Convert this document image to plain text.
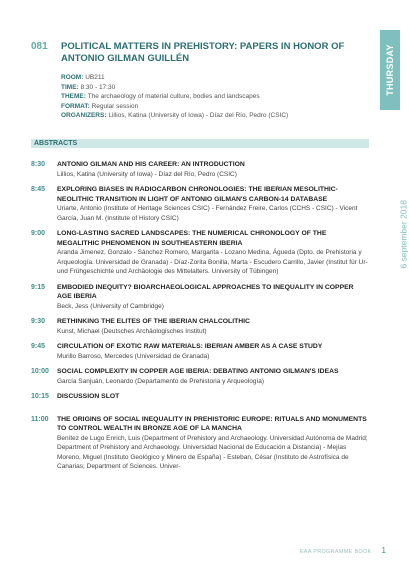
THURSDAY
6 september 2018
081	POLITICAL MATTERS IN PREHISTORY: PAPERS IN HONOR OF ANTONIO GILMAN GUILLÉN
ROOM: UB211
TIME: 8:30 - 17:30
THEME: The archaeology of material culture, bodies and landscapes
FORMAT: Regular session
ORGANIZERS: Lillios, Katina (University of Iowa) - Díaz del Río, Pedro (CSIC)
ABSTRACTS
8:30	ANTONIO GILMAN AND HIS CAREER: AN INTRODUCTION
Lillios, Katina (University of Iowa) - Díaz del Río, Pedro (CSIC)
8:45	EXPLORING BIASES IN RADIOCARBON CHRONOLOGIES: THE IBERIAN MESOLITHIC-NEOLITHIC TRANSITION IN LIGHT OF ANTONIO GILMAN'S CARBON-14 DATABASE
Uriarte, Antonio (Institute of Heritage Sciences CSIC) - Fernández Freire, Carlos (CCHS - CSIC) - Vicent García, Juan M. (Institute of History CSIC)
9:00	LONG-LASTING SACRED LANDSCAPES: THE NUMERICAL CHRONOLOGY OF THE MEGALITHIC PHENOMENON IN SOUTHEASTERN IBERIA
Aranda Jimenez, Gonzalo - Sánchez Romero, Margarita - Lozano Medina, Águeda (Dpto. de Prehistoria y Arqueología. Universidad de Granada) - Díaz-Zorita Bonilla, Marta - Escudero Carrillo, Javier (Institut für Ur- und Frühgeschichte und Archäologie des Mittelalters. University of Tübingen)
9:15	EMBODIED INEQUITY? BIOARCHAEOLOGICAL APPROACHES TO INEQUALITY IN COPPER AGE IBERIA
Beck, Jess (University of Cambridge)
9:30	RETHINKING THE ELITES OF THE IBERIAN CHALCOLITHIC
Kunst, Michael (Deutsches Archäologisches Institut)
9:45	CIRCULATION OF EXOTIC RAW MATERIALS: IBERIAN AMBER AS A CASE STUDY
Murillo Barroso, Mercedes (Universidad de Granada)
10:00	SOCIAL COMPLEXITY IN COPPER AGE IBERIA: DEBATING ANTONIO GILMAN'S IDEAS
García Sanjuán, Leonardo (Departamento de Prehistoria y Arqueología)
10:15	DISCUSSION SLOT
11:00	THE ORIGINS OF SOCIAL INEQUALITY IN PREHISTORIC EUROPE: RITUALS AND MONUMENTS TO CONTROL WEALTH IN BRONZE AGE OF LA MANCHA
Benítez de Lugo Enrich, Luis (Department of Prehistory and Archaeology. Universidad Autónoma de Madrid; Department of Prehistory and Archaeology. Universidad Nacional de Educación a Distancia) - Mejías Moreno, Miguel (Instituto Geológico y Minero de España) - Esteban, César (Instituto de Astrofísica de Canarias; Department of Sciences. Univer-
EAA PROGRAMME BOOK 1
